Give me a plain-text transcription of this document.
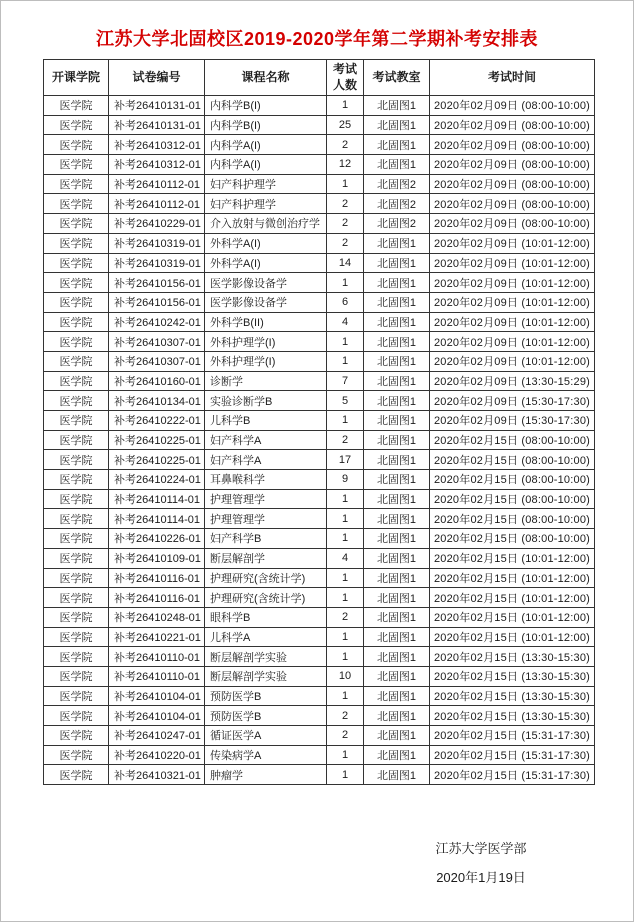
江苏大学北固校区2019-2020学年第二学期补考安排表
开课学院	试卷编号	课程名称	考试人数	考试教室	考试时间
医学院	补考26410131-01	内科学B(I)	1	北固图1	2020年02月09日 (08:00-10:00)
医学院	补考26410131-01	内科学B(I)	25	北固图1	2020年02月09日 (08:00-10:00)
医学院	补考26410312-01	内科学A(I)	2	北固图1	2020年02月09日 (08:00-10:00)
医学院	补考26410312-01	内科学A(I)	12	北固图1	2020年02月09日 (08:00-10:00)
医学院	补考26410112-01	妇产科护理学	1	北固图2	2020年02月09日 (08:00-10:00)
医学院	补考26410112-01	妇产科护理学	2	北固图2	2020年02月09日 (08:00-10:00)
医学院	补考26410229-01	介入放射与微创治疗学	2	北固图2	2020年02月09日 (08:00-10:00)
医学院	补考26410319-01	外科学A(I)	2	北固图1	2020年02月09日 (10:01-12:00)
医学院	补考26410319-01	外科学A(I)	14	北固图1	2020年02月09日 (10:01-12:00)
医学院	补考26410156-01	医学影像设备学	1	北固图1	2020年02月09日 (10:01-12:00)
医学院	补考26410156-01	医学影像设备学	6	北固图1	2020年02月09日 (10:01-12:00)
医学院	补考26410242-01	外科学B(II)	4	北固图1	2020年02月09日 (10:01-12:00)
医学院	补考26410307-01	外科护理学(I)	1	北固图1	2020年02月09日 (10:01-12:00)
医学院	补考26410307-01	外科护理学(I)	1	北固图1	2020年02月09日 (10:01-12:00)
医学院	补考26410160-01	诊断学	7	北固图1	2020年02月09日 (13:30-15:29)
医学院	补考26410134-01	实验诊断学B	5	北固图1	2020年02月09日 (15:30-17:30)
医学院	补考26410222-01	儿科学B	1	北固图1	2020年02月09日 (15:30-17:30)
医学院	补考26410225-01	妇产科学A	2	北固图1	2020年02月15日 (08:00-10:00)
医学院	补考26410225-01	妇产科学A	17	北固图1	2020年02月15日 (08:00-10:00)
医学院	补考26410224-01	耳鼻喉科学	9	北固图1	2020年02月15日 (08:00-10:00)
医学院	补考26410114-01	护理管理学	1	北固图1	2020年02月15日 (08:00-10:00)
医学院	补考26410114-01	护理管理学	1	北固图1	2020年02月15日 (08:00-10:00)
医学院	补考26410226-01	妇产科学B	1	北固图1	2020年02月15日 (08:00-10:00)
医学院	补考26410109-01	断层解剖学	4	北固图1	2020年02月15日 (10:01-12:00)
医学院	补考26410116-01	护理研究(含统计学)	1	北固图1	2020年02月15日 (10:01-12:00)
医学院	补考26410116-01	护理研究(含统计学)	1	北固图1	2020年02月15日 (10:01-12:00)
医学院	补考26410248-01	眼科学B	2	北固图1	2020年02月15日 (10:01-12:00)
医学院	补考26410221-01	儿科学A	1	北固图1	2020年02月15日 (10:01-12:00)
医学院	补考26410110-01	断层解剖学实验	1	北固图1	2020年02月15日 (13:30-15:30)
医学院	补考26410110-01	断层解剖学实验	10	北固图1	2020年02月15日 (13:30-15:30)
医学院	补考26410104-01	预防医学B	1	北固图1	2020年02月15日 (13:30-15:30)
医学院	补考26410104-01	预防医学B	2	北固图1	2020年02月15日 (13:30-15:30)
医学院	补考26410247-01	循证医学A	2	北固图1	2020年02月15日 (15:31-17:30)
医学院	补考26410220-01	传染病学A	1	北固图1	2020年02月15日 (15:31-17:30)
医学院	补考26410321-01	肿瘤学	1	北固图1	2020年02月15日 (15:31-17:30)
江苏大学医学部
2020年1月19日
